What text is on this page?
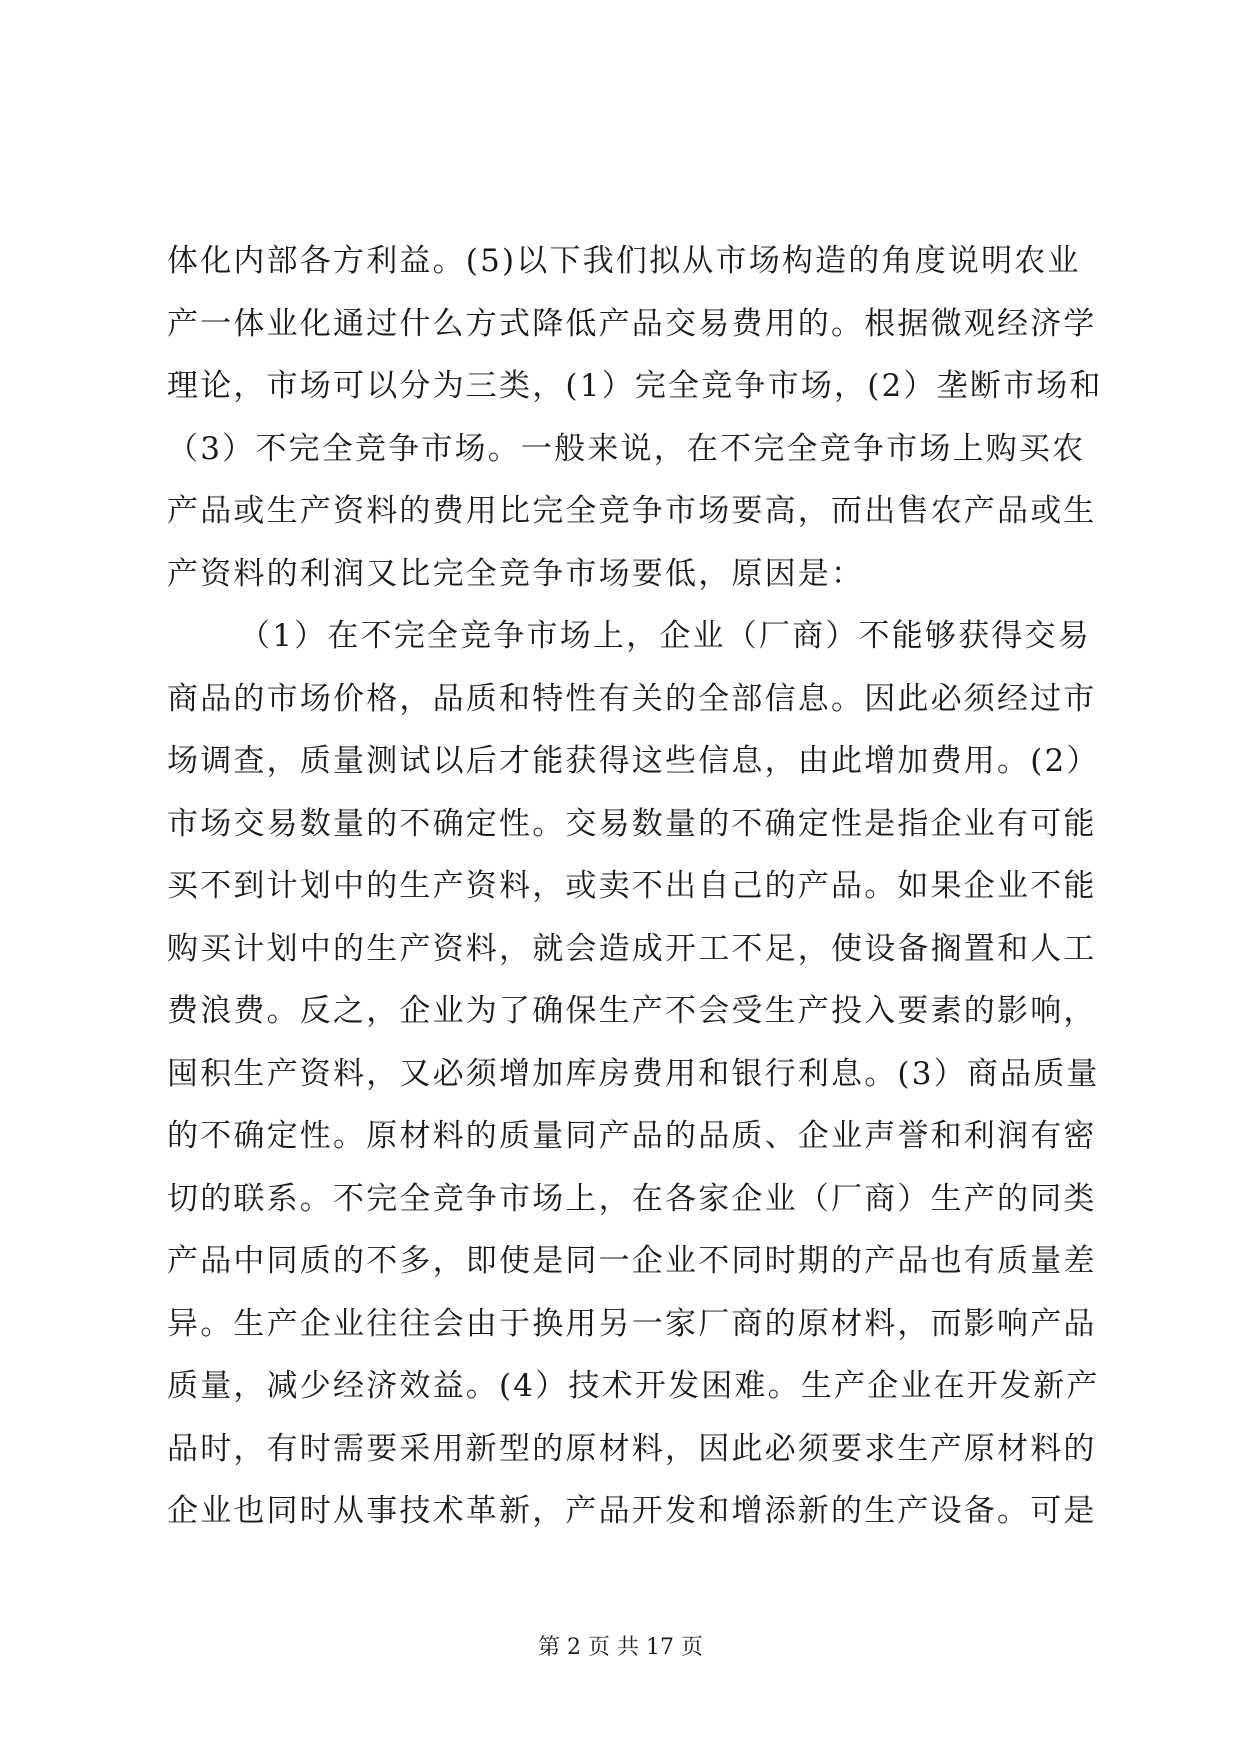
体化内部各方利益。(5)以下我们拟从市场构造的角度说明农业
产一体业化通过什么方式降低产品交易费用的。根据微观经济学
理论，市场可以分为三类，(1）完全竞争市场，(2）垄断市场和
（3）不完全竞争市场。一般来说，在不完全竞争市场上购买农
产品或生产资料的费用比完全竞争市场要高，而出售农产品或生
产资料的利润又比完全竞争市场要低，原因是：
（1）在不完全竞争市场上，企业（厂商）不能够获得交易
商品的市场价格，品质和特性有关的全部信息。因此必须经过市
场调查，质量测试以后才能获得这些信息，由此增加费用。(2）
市场交易数量的不确定性。交易数量的不确定性是指企业有可能
买不到计划中的生产资料，或卖不出自己的产品。如果企业不能
购买计划中的生产资料，就会造成开工不足，使设备搁置和人工
费浪费。反之，企业为了确保生产不会受生产投入要素的影响，
囤积生产资料，又必须增加库房费用和银行利息。(3）商品质量
的不确定性。原材料的质量同产品的品质、企业声誉和利润有密
切的联系。不完全竞争市场上，在各家企业（厂商）生产的同类
产品中同质的不多，即使是同一企业不同时期的产品也有质量差
异。生产企业往往会由于换用另一家厂商的原材料，而影响产品
质量，减少经济效益。(4）技术开发困难。生产企业在开发新产
品时，有时需要采用新型的原材料，因此必须要求生产原材料的
企业也同时从事技术革新，产品开发和增添新的生产设备。可是
第 2 页 共 17 页
